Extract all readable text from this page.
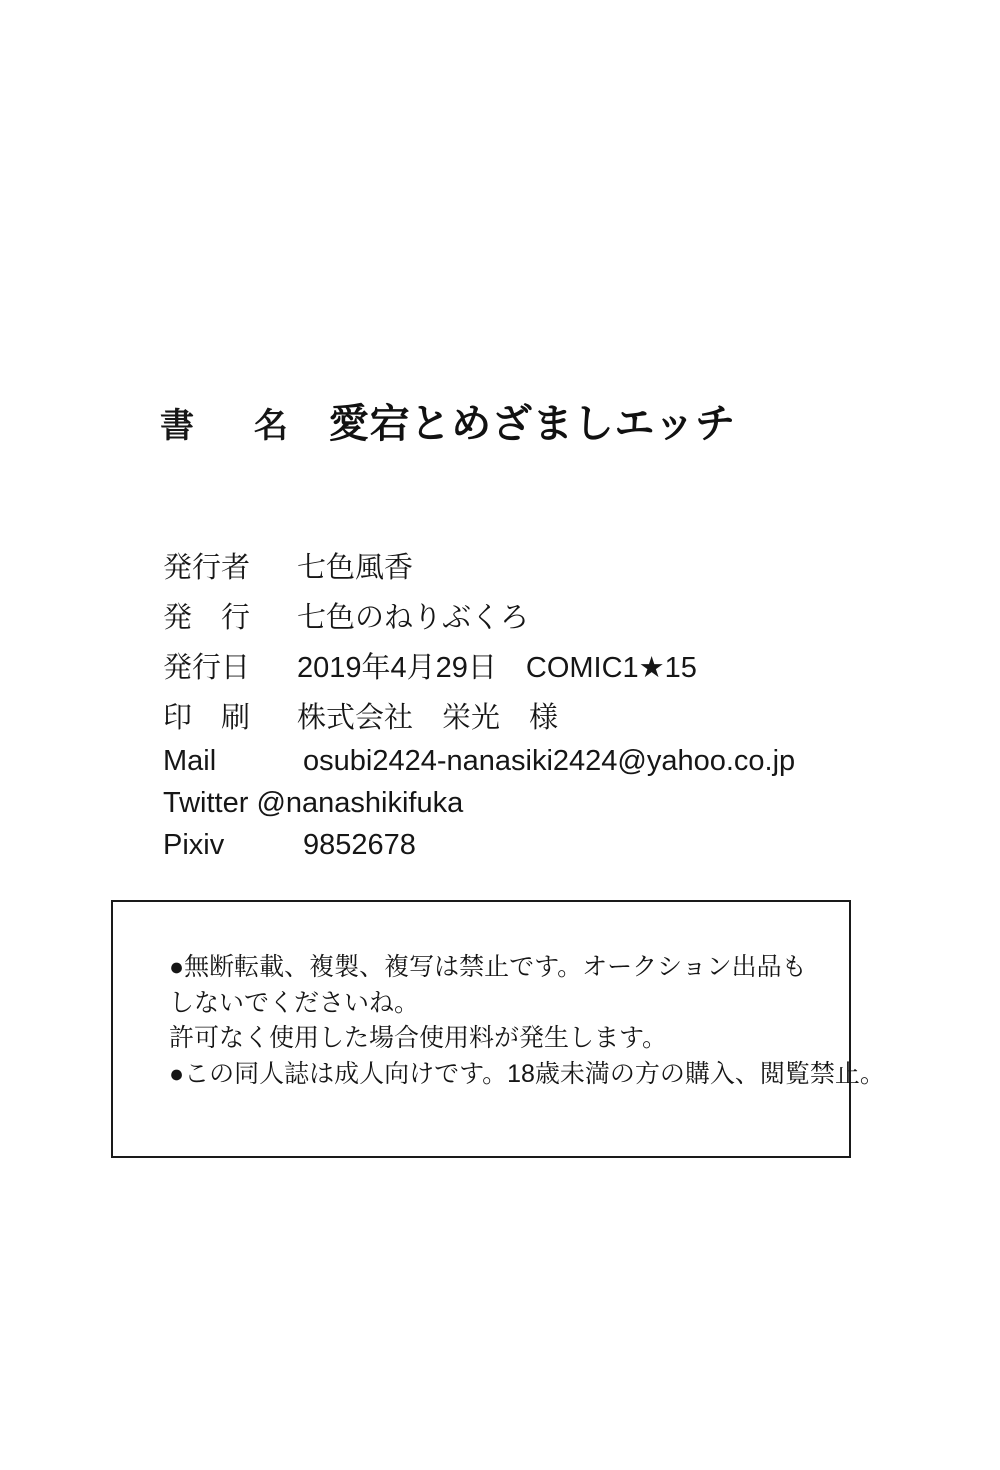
書　名 愛宕とめざましエッチ
発行者	七色風香
発　行	七色のねりぶくろ
発行日	2019年4月29日　COMIC1★15
印　刷	株式会社　栄光　様
Mail	osubi2424-nanasiki2424@yahoo.co.jp
Twitter @nanashikifuka
Pixiv	9852678
●無断転載、複製、複写は禁止です。オークション出品も
しないでくださいね。
許可なく使用した場合使用料が発生します。
●この同人誌は成人向けです。18歳未満の方の購入、閲覧禁止。
